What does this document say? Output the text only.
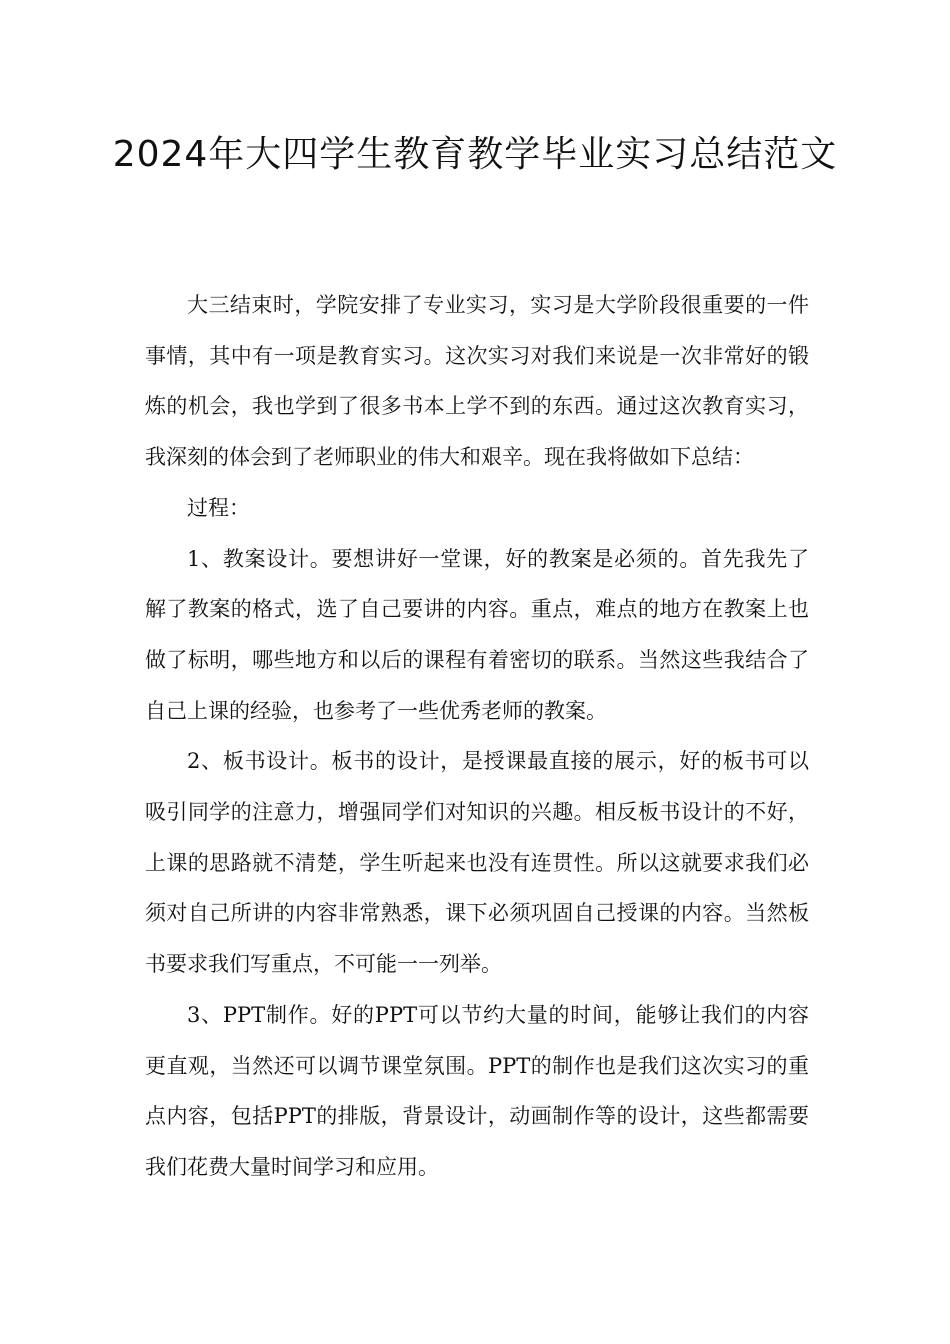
2024年大四学生教育教学毕业实习总结范文

大三结束时，学院安排了专业实习，实习是大学阶段很重要的一件事情，其中有一项是教育实习。这次实习对我们来说是一次非常好的锻炼的机会，我也学到了很多书本上学不到的东西。通过这次教育实习，我深刻的体会到了老师职业的伟大和艰辛。现在我将做如下总结：

过程：

1、教案设计。要想讲好一堂课，好的教案是必须的。首先我先了解了教案的格式，选了自己要讲的内容。重点，难点的地方在教案上也做了标明，哪些地方和以后的课程有着密切的联系。当然这些我结合了自己上课的经验，也参考了一些优秀老师的教案。

2、板书设计。板书的设计，是授课最直接的展示，好的板书可以吸引同学的注意力，增强同学们对知识的兴趣。相反板书设计的不好，上课的思路就不清楚，学生听起来也没有连贯性。所以这就要求我们必须对自己所讲的内容非常熟悉，课下必须巩固自己授课的内容。当然板书要求我们写重点，不可能一一列举。

3、PPT制作。好的PPT可以节约大量的时间，能够让我们的内容更直观，当然还可以调节课堂氛围。PPT的制作也是我们这次实习的重点内容，包括PPT的排版，背景设计，动画制作等的设计，这些都需要我们花费大量时间学习和应用。
